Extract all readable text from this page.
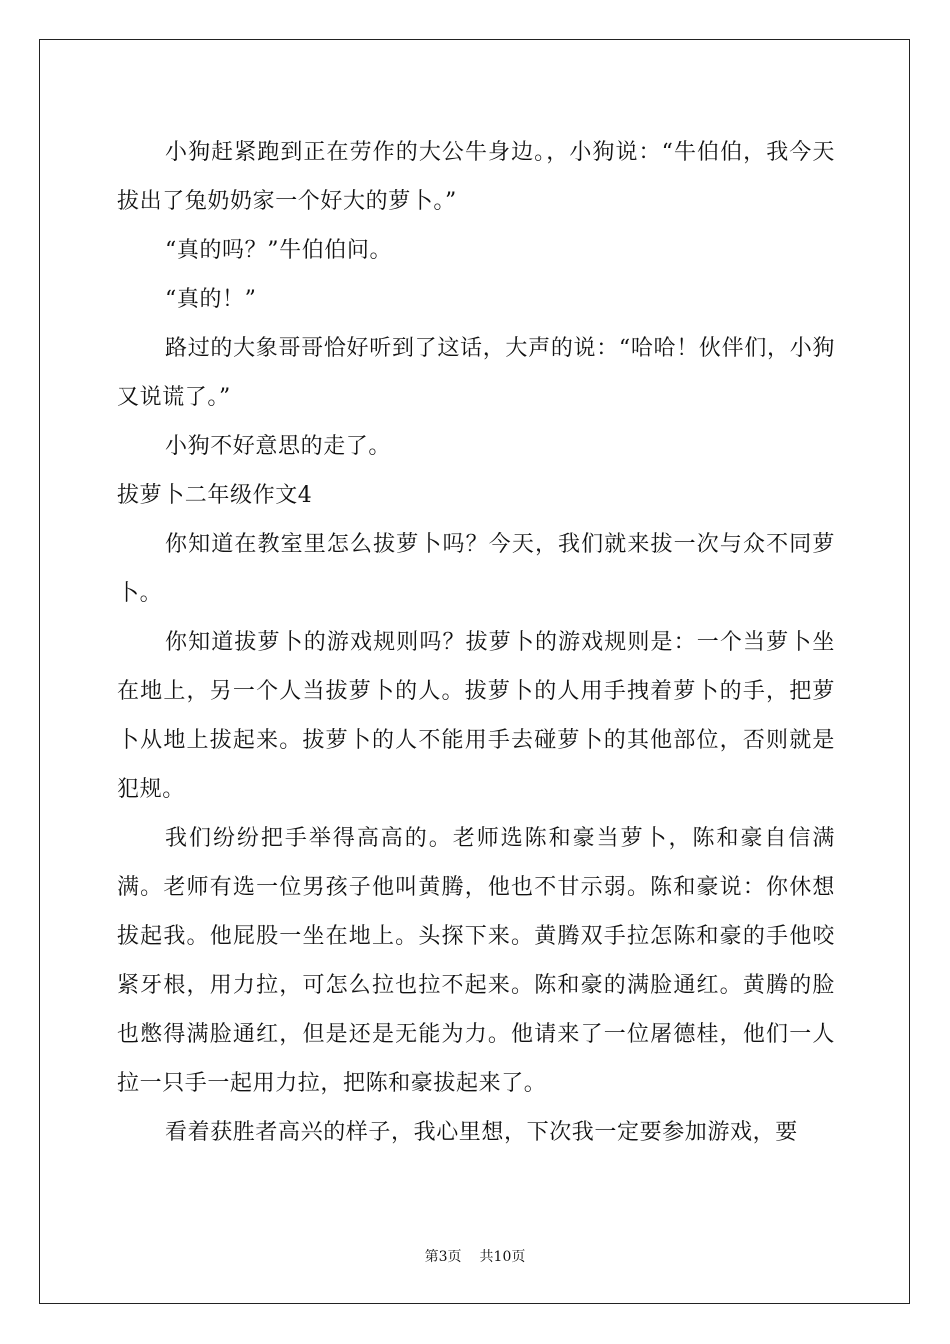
小狗赶紧跑到正在劳作的大公牛身边。，小狗说：“牛伯伯，我今天拔出了兔奶奶家一个好大的萝卜。”

“真的吗？”牛伯伯问。

“真的！”

路过的大象哥哥恰好听到了这话，大声的说：“哈哈！伙伴们，小狗又说谎了。”

小狗不好意思的走了。

拔萝卜二年级作文4

你知道在教室里怎么拔萝卜吗？今天，我们就来拔一次与众不同萝卜。

你知道拔萝卜的游戏规则吗？拔萝卜的游戏规则是：一个当萝卜坐在地上，另一个人当拔萝卜的人。拔萝卜的人用手拽着萝卜的手，把萝卜从地上拔起来。拔萝卜的人不能用手去碰萝卜的其他部位，否则就是犯规。

我们纷纷把手举得高高的。老师选陈和豪当萝卜，陈和豪自信满满。老师有选一位男孩子他叫黄腾，他也不甘示弱。陈和豪说：你休想拔起我。他屁股一坐在地上。头探下来。黄腾双手拉怎陈和豪的手他咬紧牙根，用力拉，可怎么拉也拉不起来。陈和豪的满脸通红。黄腾的脸也憋得满脸通红，但是还是无能为力。他请来了一位屠德桂，他们一人拉一只手一起用力拉，把陈和豪拔起来了。

看着获胜者高兴的样子，我心里想，下次我一定要参加游戏，要

第3页 共10页
